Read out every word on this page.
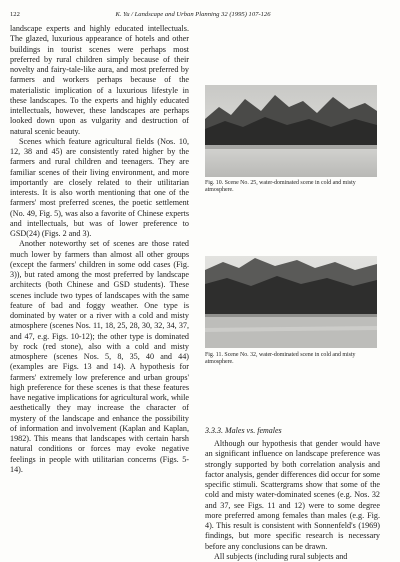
122	K. Yu / Landscape and Urban Planning 32 (1995) 107-126

landscape experts and highly educated intellectuals. The glazed, luxurious appearance of hotels and other buildings in tourist scenes were perhaps most preferred by rural children simply because of their novelty and fairy-tale-like aura, and most preferred by farmers and workers perhaps because of the materialistic implication of a luxurious lifestyle in these landscapes. To the experts and highly educated intellectuals, however, these landscapes are perhaps looked down upon as vulgarity and destruction of natural scenic beauty.

Scenes which feature agricultural fields (Nos. 10, 12, 38 and 45) are consistently rated higher by the farmers and rural children and teenagers. They are familiar scenes of their living environment, and more importantly are closely related to their utilitarian interests. It is also worth mentioning that one of the farmers' most preferred scenes, the poetic settlement (No. 49, Fig. 5), was also a favorite of Chinese experts and intellectuals, but was of lower preference to GSD(24) (Figs. 2 and 3).

Another noteworthy set of scenes are those rated much lower by farmers than almost all other groups (except the farmers' children in some odd cases (Fig. 3)), but rated among the most preferred by landscape architects (both Chinese and GSD students). These scenes include two types of landscapes with the same feature of bad and foggy weather. One type is dominated by water or a river with a cold and misty atmosphere (scenes Nos. 11, 18, 25, 28, 30, 32, 34, 37, and 47, e.g. Figs. 10-12); the other type is dominated by rock (red stone), also with a cold and misty atmosphere (scenes Nos. 5, 8, 35, 40 and 44) (examples are Figs. 13 and 14). A hypothesis for farmers' extremely low preference and urban groups' high preference for these scenes is that these features have negative implications for agricultural work, while aesthetically they may increase the character of mystery of the landscape and enhance the possibility of information and involvement (Kaplan and Kaplan, 1982). This means that landscapes with certain harsh natural conditions or forces may evoke negative feelings in people with utilitarian concerns (Figs. 5-14).

Fig. 10. Scene No. 25, water-dominated scene in cold and misty atmosphere.
Fig. 11. Scene No. 32, water-dominated scene in cold and misty atmosphere.
3.3.3. Males vs. females

Although our hypothesis that gender would have an significant influence on landscape preference was strongly supported by both correlation analysis and factor analysis, gender differences did occur for some specific stimuli. Scattergrams show that some of the cold and misty water-dominated scenes (e.g. Nos. 32 and 37, see Figs. 11 and 12) were to some degree more preferred among females than males (e.g. Fig. 4). This result is consistent with Sonnenfeld's (1969) findings, but more specific research is necessary before any conclusions can be drawn.

All subjects (including rural subjects and
